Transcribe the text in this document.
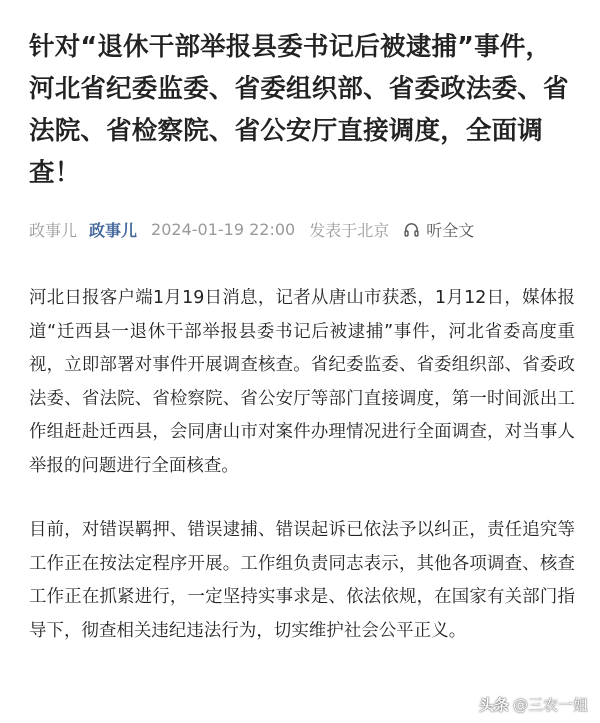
针对“退休干部举报县委书记后被逮捕”事件，河北省纪委监委、省委组织部、省委政法委、省法院、省检察院、省公安厅直接调度，全面调查！
政事儿 政事儿 2024-01-19 22:00 发表于北京 听全文

河北日报客户端1月19日消息，记者从唐山市获悉，1月12日，媒体报道“迁西县一退休干部举报县委书记后被逮捕”事件，河北省委高度重视，立即部署对事件开展调查核查。省纪委监委、省委组织部、省委政法委、省法院、省检察院、省公安厅等部门直接调度，第一时间派出工作组赶赴迁西县，会同唐山市对案件办理情况进行全面调查，对当事人举报的问题进行全面核查。

目前，对错误羁押、错误逮捕、错误起诉已依法予以纠正，责任追究等工作正在按法定程序开展。工作组负责同志表示，其他各项调查、核查工作正在抓紧进行，一定坚持实事求是、依法依规，在国家有关部门指导下，彻查相关违纪违法行为，切实维护社会公平正义。

头条 @三农一姐
